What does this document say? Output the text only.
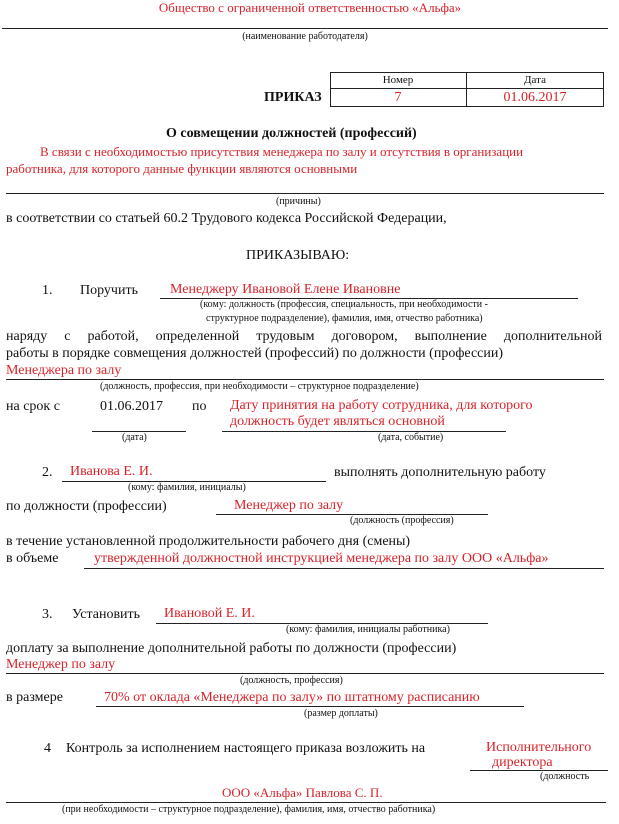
Общество с ограниченной ответственностью «Альфа»
(наименование работодателя)
ПРИКАЗ
Номер	Дата
7	01.06.2017
О совмещении должностей (профессий)
В связи с необходимостью присутствия менеджера по залу и отсутствия в организации
работника, для которого данные функции являются основными
(причины)
в соответствии со статьей 60.2 Трудового кодекса Российской Федерации,
ПРИКАЗЫВАЮ:
1. Поручить Менеджеру Ивановой Елене Ивановне
(кому: должность (профессия, специальность, при необходимости -
структурное подразделение), фамилия, имя, отчество работника)
наряду с работой, определенной трудовым договором, выполнение дополнительной
работы в порядке совмещения должностей (профессий) по должности (профессии)
Менеджера по залу
(должность, профессия, при необходимости – структурное подразделение)
на срок с	01.06.2017 по Дату принятия на работу сотрудника, для которого
должность будет являться основной
(дата)	(дата, событие)
2. Иванова Е. И.	выполнять дополнительную работу
(кому: фамилия, инициалы)
по должности (профессии)	Менеджер по залу
(должность (профессия)
в течение установленной продолжительности рабочего дня (смены)
в объеме	утвержденной должностной инструкцией менеджера по залу ООО «Альфа»
3. Установить Ивановой Е. И.
(кому: фамилия, инициалы работника)
доплату за выполнение дополнительной работы по должности (профессии)
Менеджер по залу
(должность, профессия)
в размере	70% от оклада «Менеджера по залу» по штатному расписанию
(размер доплаты)
4 Контроль за исполнением настоящего приказа возложить на	Исполнительного
директора
(должность
ООО «Альфа» Павлова С. П.
(при необходимости – структурное подразделение), фамилия, имя, отчество работника)
